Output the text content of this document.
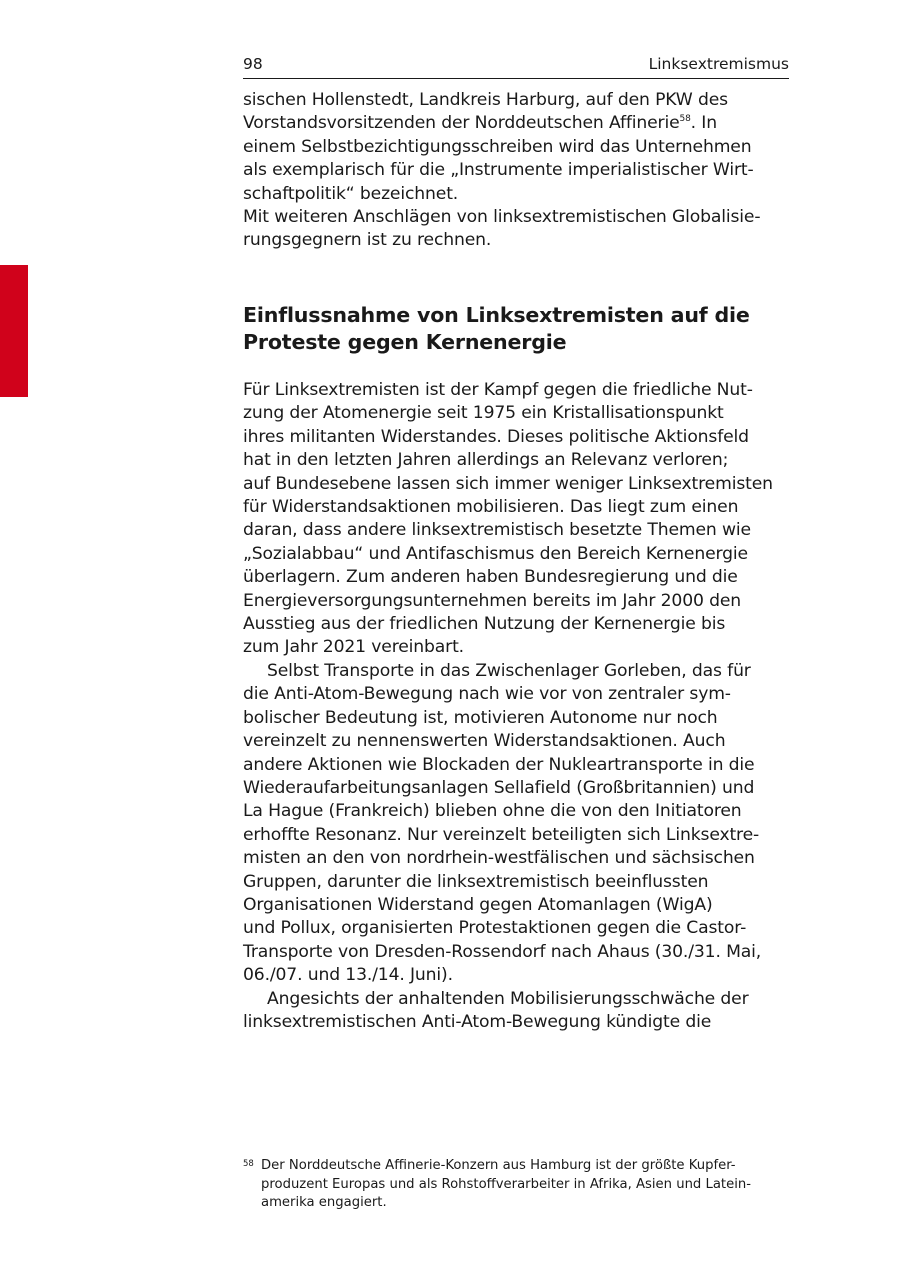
98	Linksextremismus
sischen Hollenstedt, Landkreis Harburg, auf den PKW des
Vorstandsvorsitzenden der Norddeutschen Affinerie$^{58}$. In
einem Selbstbezichtigungsschreiben wird das Unternehmen
als exemplarisch für die „Instrumente imperialistischer Wirt-
schaftpolitik“ bezeichnet.
Mit weiteren Anschlägen von linksextremistischen Globalisie-
rungsgegnern ist zu rechnen.
Einflussnahme von Linksextremisten auf die
Proteste gegen Kernenergie

Für Linksextremisten ist der Kampf gegen die friedliche Nut-
zung der Atomenergie seit 1975 ein Kristallisationspunkt
ihres militanten Widerstandes. Dieses politische Aktionsfeld
hat in den letzten Jahren allerdings an Relevanz verloren;
auf Bundesebene lassen sich immer weniger Linksextremisten
für Widerstandsaktionen mobilisieren. Das liegt zum einen
daran, dass andere linksextremistisch besetzte Themen wie
„Sozialabbau“ und Antifaschismus den Bereich Kernenergie
überlagern. Zum anderen haben Bundesregierung und die
Energieversorgungsunternehmen bereits im Jahr 2000 den
Ausstieg aus der friedlichen Nutzung der Kernenergie bis
zum Jahr 2021 vereinbart.

Selbst Transporte in das Zwischenlager Gorleben, das für
die Anti-Atom-Bewegung nach wie vor von zentraler sym-
bolischer Bedeutung ist, motivieren Autonome nur noch
vereinzelt zu nennenswerten Widerstandsaktionen. Auch
andere Aktionen wie Blockaden der Nukleartransporte in die
Wiederaufarbeitungsanlagen Sellafield (Großbritannien) und
La Hague (Frankreich) blieben ohne die von den Initiatoren
erhoffte Resonanz. Nur vereinzelt beteiligten sich Linksextre-
misten an den von nordrhein-westfälischen und sächsischen
Gruppen, darunter die linksextremistisch beeinflussten
Organisationen Widerstand gegen Atomanlagen (WigA)
und Pollux, organisierten Protestaktionen gegen die Castor-
Transporte von Dresden-Rossendorf nach Ahaus (30./31. Mai,
06./07. und 13./14. Juni).

Angesichts der anhaltenden Mobilisierungsschwäche der
linksextremistischen Anti-Atom-Bewegung kündigte die

58 Der Norddeutsche Affinerie-Konzern aus Hamburg ist der größte Kupfer-
produzent Europas und als Rohstoffverarbeiter in Afrika, Asien und Latein-
amerika engagiert.
